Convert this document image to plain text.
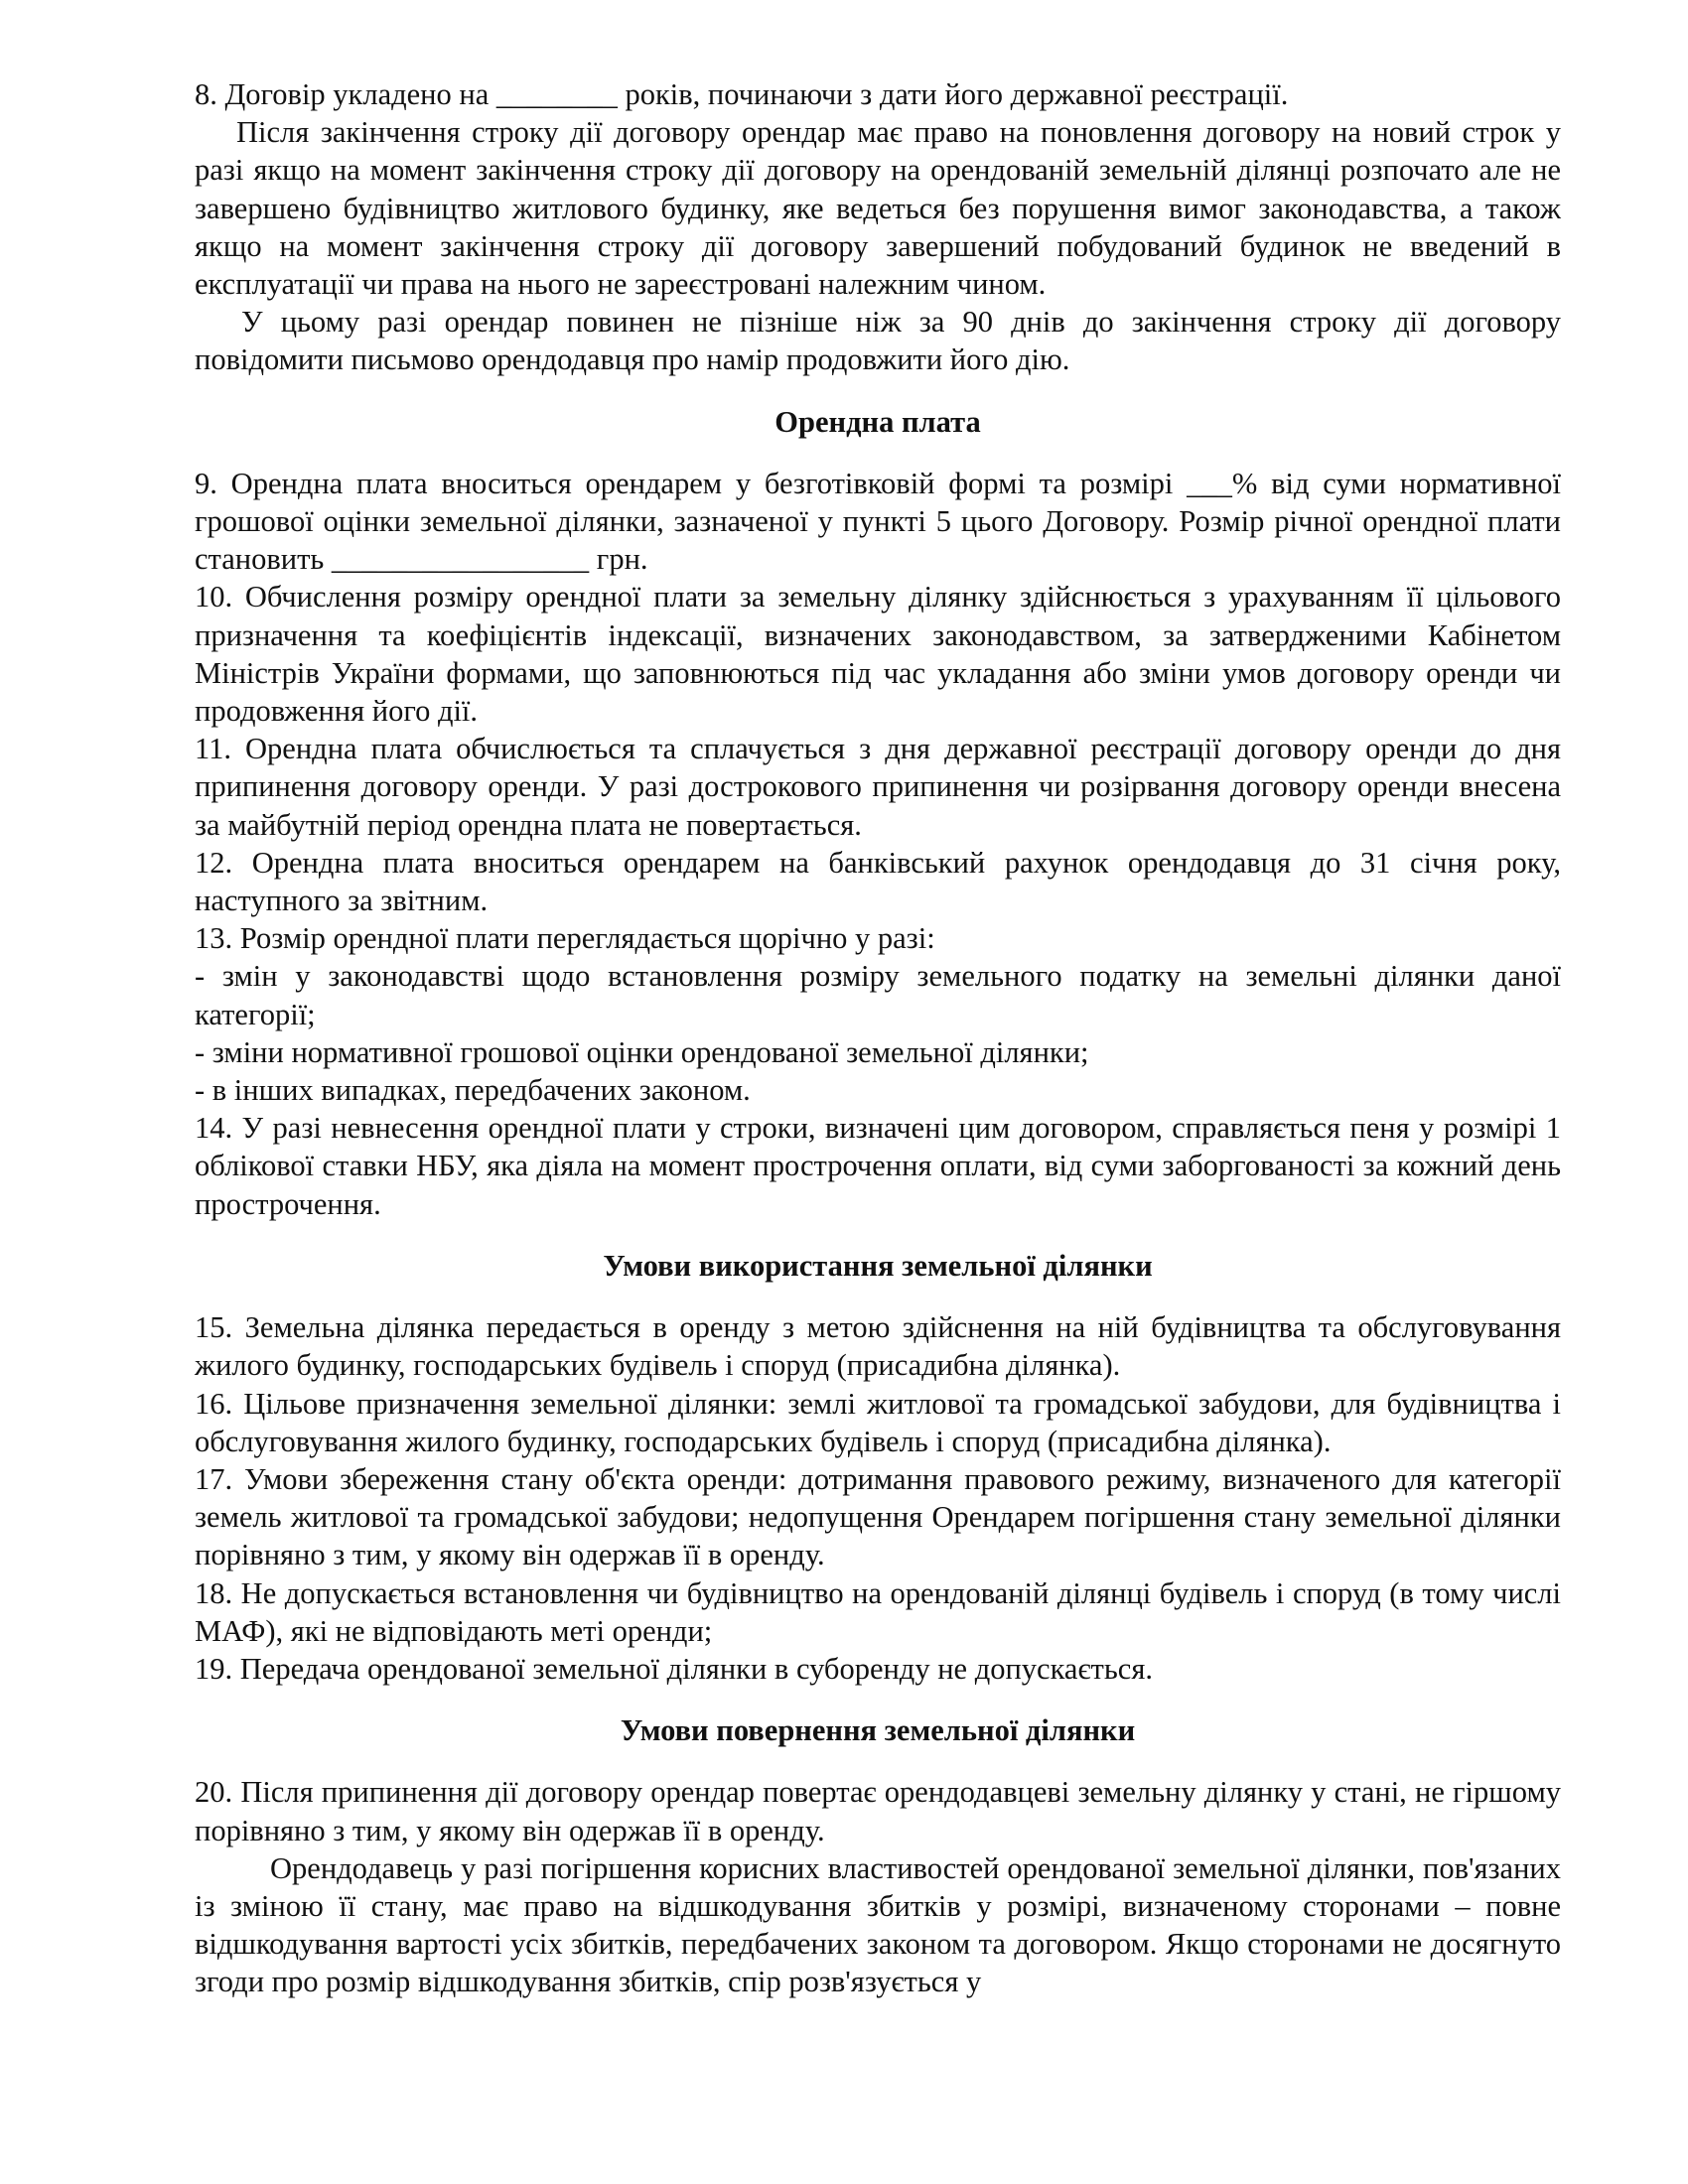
8. Договір укладено на ________ років, починаючи з дати його державної реєстрації.

Після закінчення строку дії договору орендар має право на поновлення договору на новий строк у разі якщо на момент закінчення строку дії договору на орендованій земельній ділянці розпочато але не завершено будівництво житлового будинку, яке ведеться без порушення вимог законодавства, а також якщо на момент закінчення строку дії договору завершений побудований будинок не введений в експлуатації чи права на нього не зареєстровані належним чином.

У цьому разі орендар повинен не пізніше ніж за 90 днів до закінчення строку дії договору повідомити письмово орендодавця про намір продовжити його дію.

Орендна плата

9. Орендна плата вноситься орендарем у безготівковій формі та розмірі ___% від суми нормативної грошової оцінки земельної ділянки, зазначеної у пункті 5 цього Договору. Розмір річної орендної плати становить _________________ грн.

10. Обчислення розміру орендної плати за земельну ділянку здійснюється з урахуванням її цільового призначення та коефіцієнтів індексації, визначених законодавством, за затвердженими Кабінетом Міністрів України формами, що заповнюються під час укладання або зміни умов договору оренди чи продовження його дії.

11. Орендна плата обчислюється та сплачується з дня державної реєстрації договору оренди до дня припинення договору оренди. У разі дострокового припинення чи розірвання договору оренди внесена за майбутній період орендна плата не повертається.

12. Орендна плата вноситься орендарем на банківський рахунок орендодавця до 31 січня року, наступного за звітним.

13. Розмір орендної плати переглядається щорічно у разі:

- змін у законодавстві щодо встановлення розміру земельного податку на земельні ділянки даної категорії;

- зміни нормативної грошової оцінки орендованої земельної ділянки;

- в інших випадках, передбачених законом.

14. У разі невнесення орендної плати у строки, визначені цим договором, справляється пеня у розмірі 1 облікової ставки НБУ, яка діяла на момент прострочення оплати, від суми заборгованості за кожний день прострочення.

Умови використання земельної ділянки

15. Земельна ділянка передається в оренду з метою здійснення на ній будівництва та обслуговування жилого будинку, господарських будівель і споруд (присадибна ділянка).

16. Цільове призначення земельної ділянки: землі житлової та громадської забудови, для будівництва і обслуговування жилого будинку, господарських будівель і споруд (присадибна ділянка).

17. Умови збереження стану об'єкта оренди: дотримання правового режиму, визначеного для категорії земель житлової та громадської забудови; недопущення Орендарем погіршення стану земельної ділянки порівняно з тим, у якому він одержав її в оренду.

18. Не допускається встановлення чи будівництво на орендованій ділянці будівель і споруд (в тому числі МАФ), які не відповідають меті оренди;

19. Передача орендованої земельної ділянки в суборенду не допускається.

Умови повернення земельної ділянки

20. Після припинення дії договору орендар повертає орендодавцеві земельну ділянку у стані, не гіршому порівняно з тим, у якому він одержав її в оренду.

Орендодавець у разі погіршення корисних властивостей орендованої земельної ділянки, пов'язаних із зміною її стану, має право на відшкодування збитків у розмірі, визначеному сторонами – повне відшкодування вартості усіх збитків, передбачених законом та договором. Якщо сторонами не досягнуто згоди про розмір відшкодування збитків, спір розв'язується у
